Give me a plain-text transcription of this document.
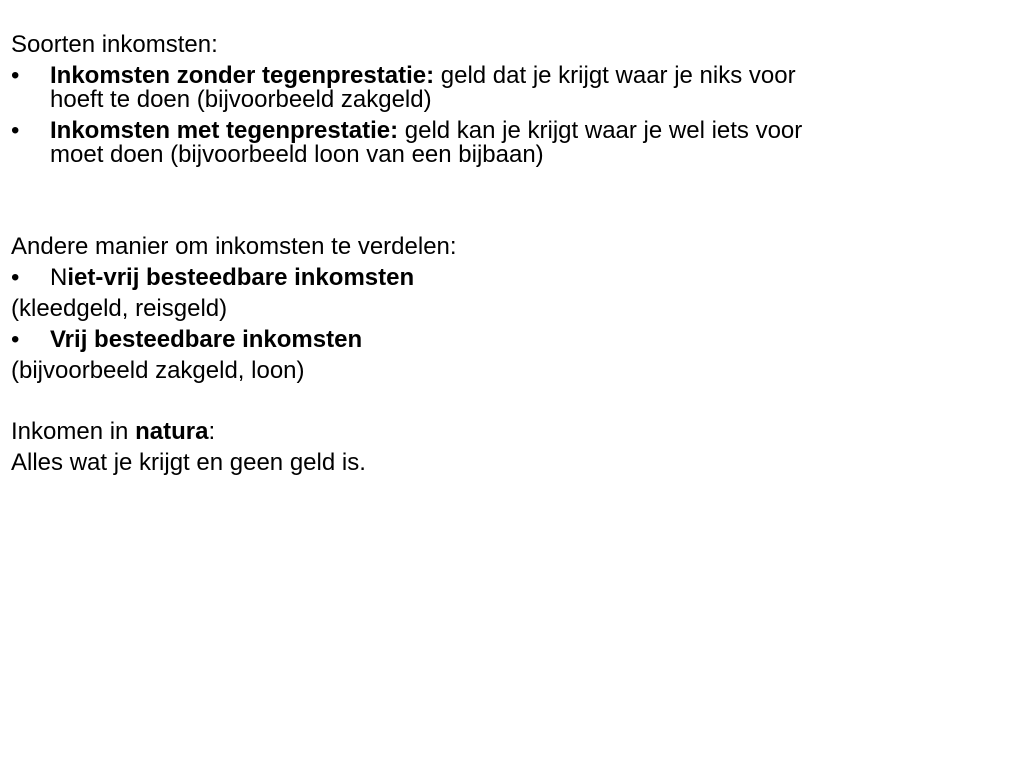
Soorten inkomsten:

• Inkomsten zonder tegenprestatie: geld dat je krijgt waar je niks voor
hoeft te doen (bijvoorbeeld zakgeld)
• Inkomsten met tegenprestatie: geld kan je krijgt waar je wel iets voor
moet doen (bijvoorbeeld loon van een bijbaan)

Andere manier om inkomsten te verdelen:

• Niet-vrij besteedbare inkomsten

(kleedgeld, reisgeld)

• Vrij besteedbare inkomsten

(bijvoorbeeld zakgeld, loon)

Inkomen in natura:

Alles wat je krijgt en geen geld is.
